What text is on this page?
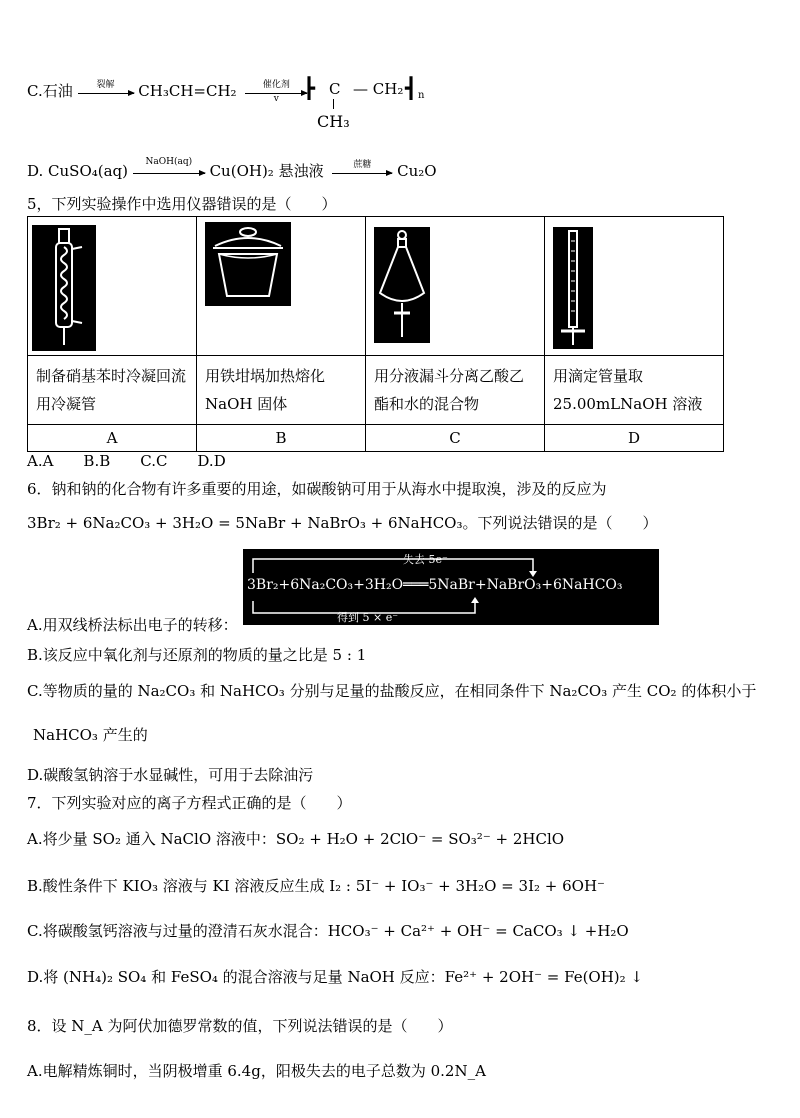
C.石油	裂解	CH₃CH=CH₂	催化剂
v	┣ C — CH₂ ┫ n
CH₃
D. CuSO₄(aq)	NaOH(aq)	Cu(OH)₂ 悬浊液	蔗糖	Cu₂O
5，下列实验操作中选用仪器错误的是（　　）

制备硝基苯时冷凝回流用冷凝管	用铁坩埚加热熔化 NaOH 固体	用分液漏斗分离乙酸乙酯和水的混合物	用滴定管量取 25.00mLNaOH 溶液
A	B	C	D
A.A　　B.B　　C.C　　D.D
6．钠和钠的化合物有许多重要的用途，如碳酸钠可用于从海水中提取溴，涉及的反应为
3Br₂ + 6Na₂CO₃ + 3H₂O = 5NaBr + NaBrO₃ + 6NaHCO₃。下列说法错误的是（　　）
失去 5e⁻
3Br₂+6Na₂CO₃+3H₂O═══5NaBr+NaBrO₃+6NaHCO₃
得到 5 × e⁻
A.用双线桥法标出电子的转移：
B.该反应中氧化剂与还原剂的物质的量之比是 5 : 1
C.等物质的量的 Na₂CO₃ 和 NaHCO₃ 分别与足量的盐酸反应，在相同条件下 Na₂CO₃ 产生 CO₂ 的体积小于
NaHCO₃ 产生的
D.碳酸氢钠溶于水显碱性，可用于去除油污
7．下列实验对应的离子方程式正确的是（　　）
A.将少量 SO₂ 通入 NaClO 溶液中：SO₂ + H₂O + 2ClO⁻ = SO₃²⁻ + 2HClO
B.酸性条件下 KIO₃ 溶液与 KI 溶液反应生成 I₂ : 5I⁻ + IO₃⁻ + 3H₂O = 3I₂ + 6OH⁻
C.将碳酸氢钙溶液与过量的澄清石灰水混合：HCO₃⁻ + Ca²⁺ + OH⁻ = CaCO₃ ↓ +H₂O
D.将 (NH₄)₂ SO₄ 和 FeSO₄ 的混合溶液与足量 NaOH 反应：Fe²⁺ + 2OH⁻ = Fe(OH)₂ ↓
8．设 N_A 为阿伏加德罗常数的值，下列说法错误的是（　　）
A.电解精炼铜时，当阴极增重 6.4g，阳极失去的电子总数为 0.2N_A
